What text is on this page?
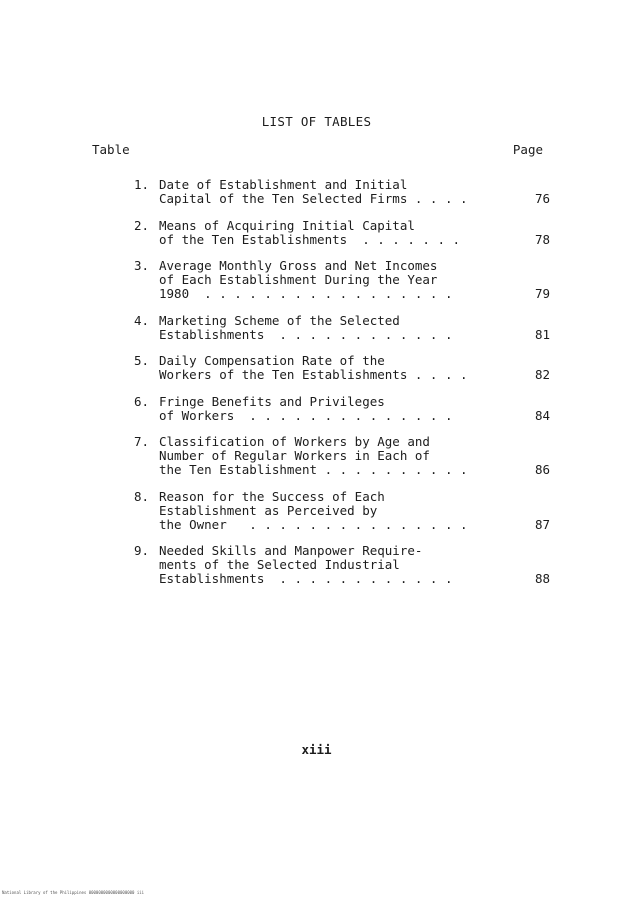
LIST OF TABLES
Table	Page
1. Date of Establishment and Initial
Capital of the Ten Selected Firms . . . .	76
2. Means of Acquiring Initial Capital
of the Ten Establishments  . . . . . . .	78
3. Average Monthly Gross and Net Incomes
of Each Establishment During the Year
1980  . . . . . . . . . . . . . . . . .	79
4. Marketing Scheme of the Selected
Establishments  . . . . . . . . . . . .	81
5. Daily Compensation Rate of the
Workers of the Ten Establishments . . . .	82
6. Fringe Benefits and Privileges
of Workers  . . . . . . . . . . . . . .	84
7. Classification of Workers by Age and
Number of Regular Workers in Each of
the Ten Establishment . . . . . . . . . .	86
8. Reason for the Success of Each
Establishment as Perceived by
the Owner   . . . . . . . . . . . . . . .	87
9. Needed Skills and Manpower Require-
ments of the Selected Industrial
Establishments  . . . . . . . . . . . .	88
xiii
National Library of the Philippines 0000000000000000000 iii
